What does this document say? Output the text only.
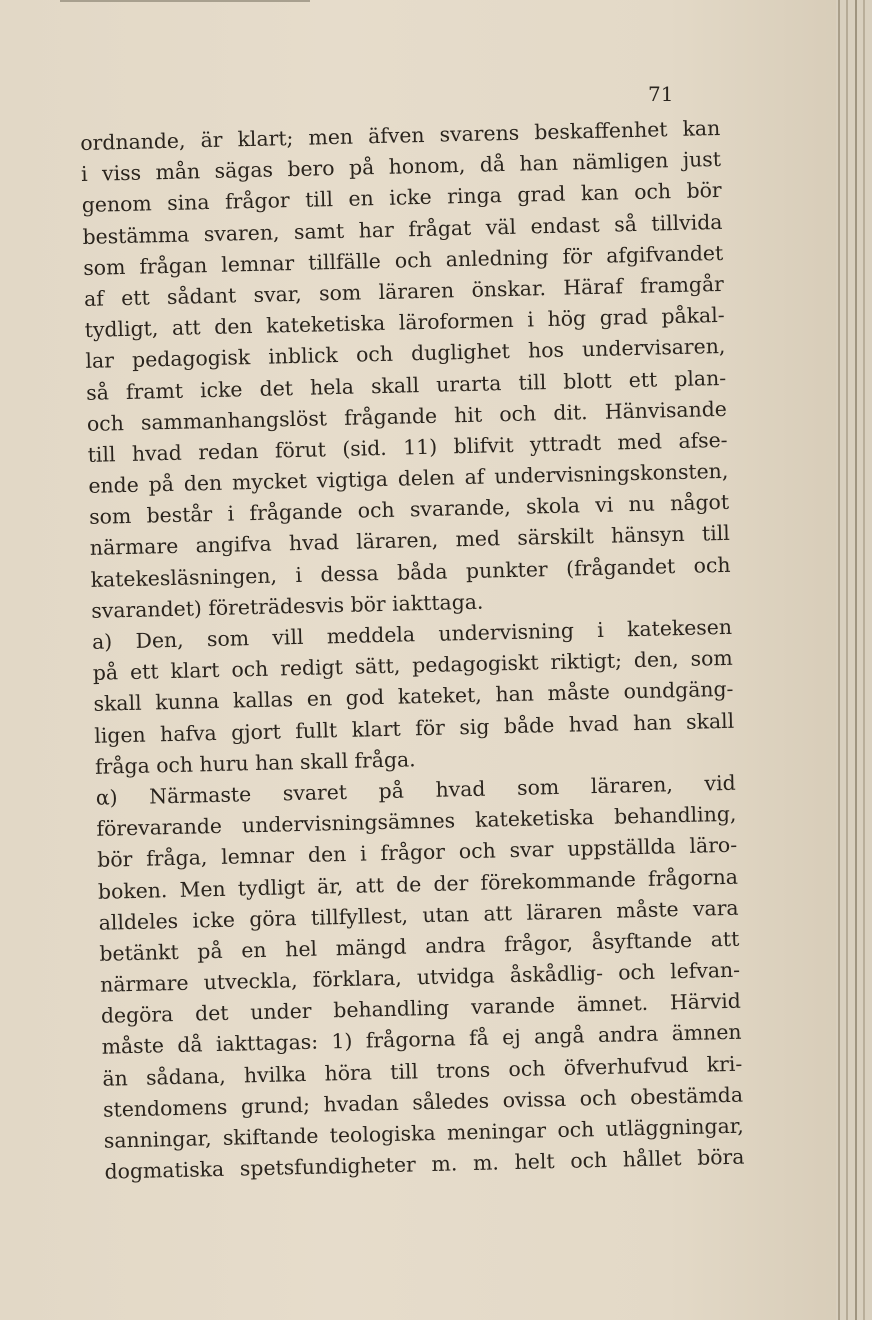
71
ordnande, är klart; men äfven svarens beskaffenhet kan
i viss mån sägas bero på honom, då han nämligen just
genom sina frågor till en icke ringa grad kan och bör
bestämma svaren, samt har frågat väl endast så tillvida
som frågan lemnar tillfälle och anledning för afgifvandet
af ett sådant svar, som läraren önskar. Häraf framgår
tydligt, att den kateketiska läroformen i hög grad påkal-
lar pedagogisk inblick och duglighet hos undervisaren,
så framt icke det hela skall urarta till blott ett plan-
och sammanhangslöst frågande hit och dit. Hänvisande
till hvad redan förut (sid. 11) blifvit yttradt med afse-
ende på den mycket vigtiga delen af undervisningskonsten,
som består i frågande och svarande, skola vi nu något
närmare angifva hvad läraren, med särskilt hänsyn till
katekesläsningen, i dessa båda punkter (frågandet och
svarandet) företrädesvis bör iakttaga.
a) Den, som vill meddela undervisning i katekesen
på ett klart och redigt sätt, pedagogiskt riktigt; den, som
skall kunna kallas en god kateket, han måste oundgäng-
ligen hafva gjort fullt klart för sig både hvad han skall
fråga och huru han skall fråga.
α) Närmaste svaret på hvad som läraren, vid
förevarande undervisningsämnes kateketiska behandling,
bör fråga, lemnar den i frågor och svar uppställda läro-
boken. Men tydligt är, att de der förekommande frågorna
alldeles icke göra tillfyllest, utan att läraren måste vara
betänkt på en hel mängd andra frågor, åsyftande att
närmare utveckla, förklara, utvidga åskådlig- och lefvan-
degöra det under behandling varande ämnet. Härvid
måste då iakttagas: 1) frågorna få ej angå andra ämnen
än sådana, hvilka höra till trons och öfverhufvud kri-
stendomens grund; hvadan således ovissa och obestämda
sanningar, skiftande teologiska meningar och utläggningar,
dogmatiska spetsfundigheter m. m. helt och hållet böra
